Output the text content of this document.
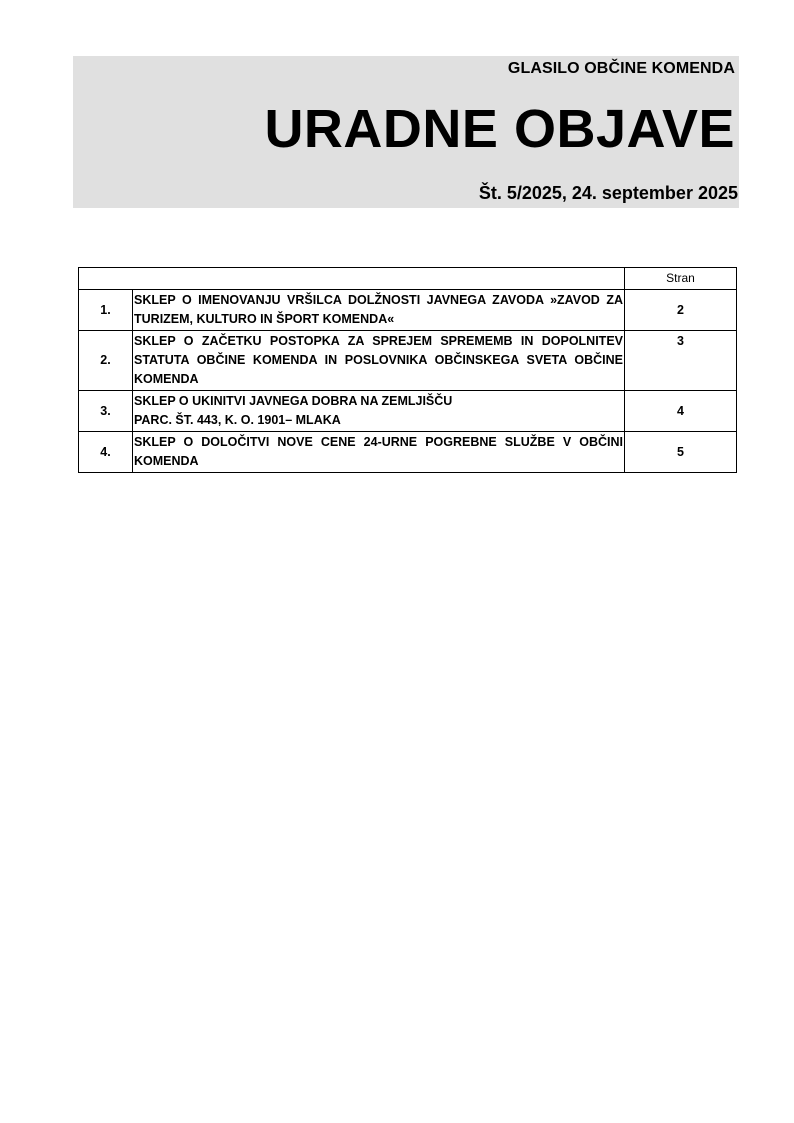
GLASILO OBČINE KOMENDA
URADNE OBJAVE
Št. 5/2025, 24. september 2025
		Stran
1.	SKLEP O IMENOVANJU VRŠILCA DOLŽNOSTI JAVNEGA ZAVODA »ZAVOD ZA TURIZEM, KULTURO IN ŠPORT KOMENDA«	2
2.	SKLEP O ZAČETKU POSTOPKA ZA SPREJEM SPREMEMB IN DOPOLNITEV STATUTA OBČINE KOMENDA IN POSLOVNIKA OBČINSKEGA SVETA OBČINE KOMENDA	3
3.	SKLEP O UKINITVI JAVNEGA DOBRA NA ZEMLJIŠČU
PARC. ŠT. 443, K. O. 1901– MLAKA	4
4.	SKLEP O DOLOČITVI NOVE CENE 24-URNE POGREBNE SLUŽBE V OBČINI KOMENDA	5
